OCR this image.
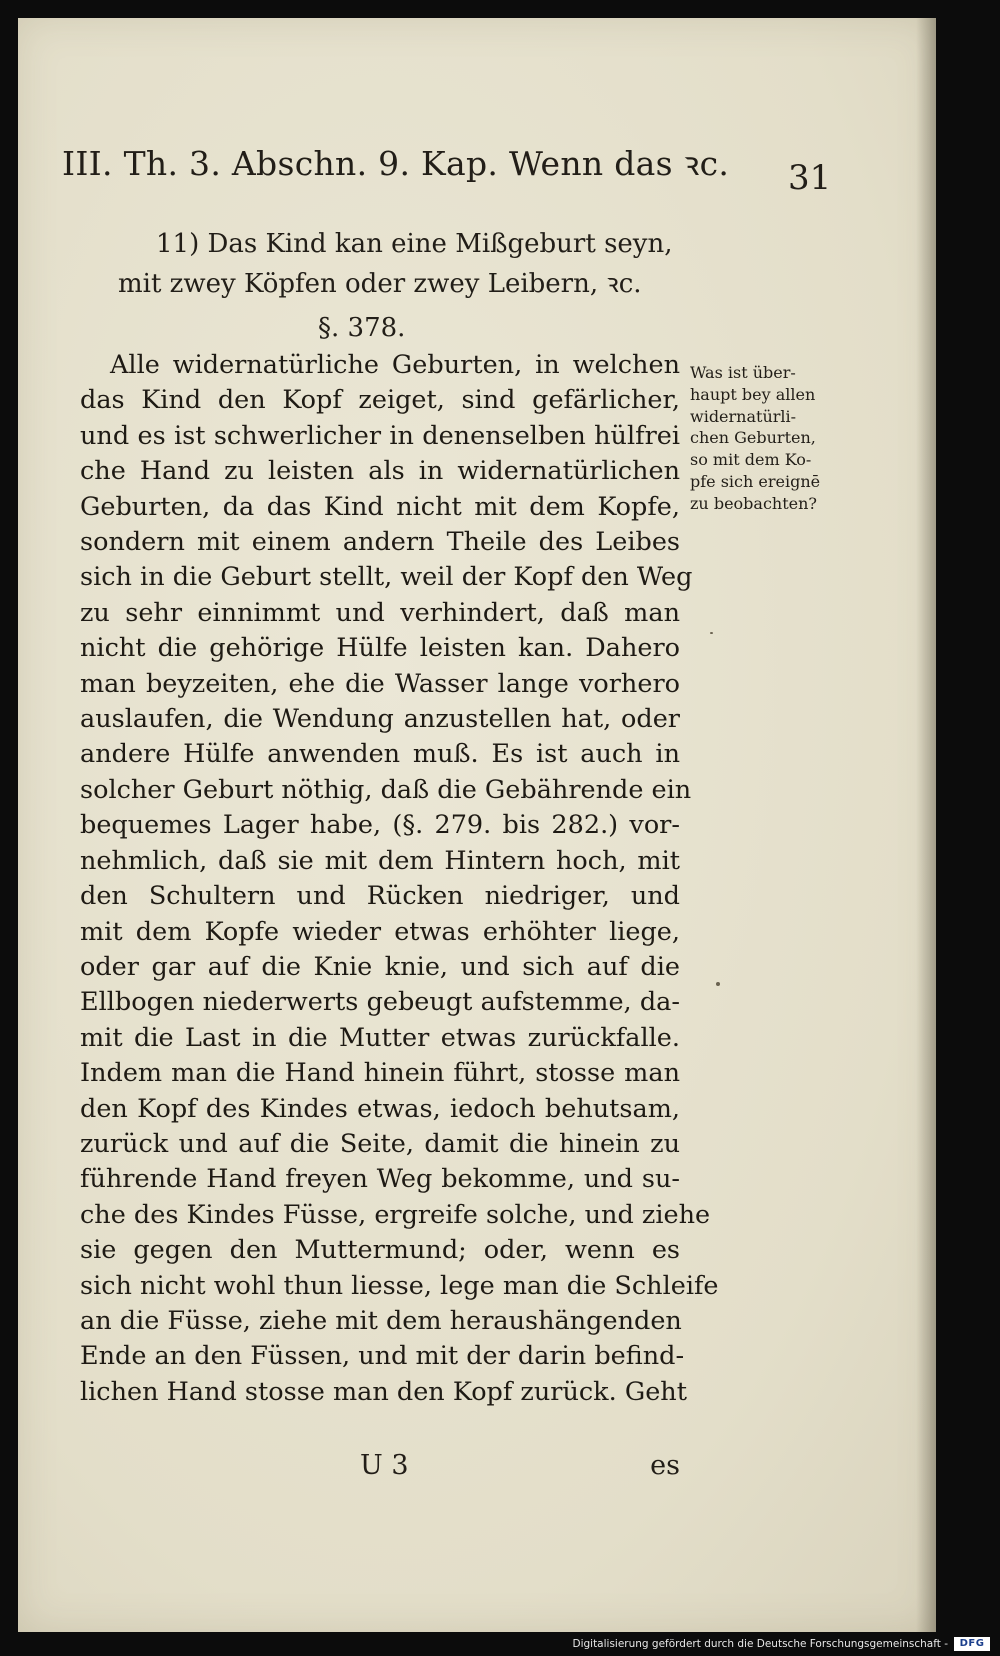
III. Th. 3. Abschn. 9. Kap. Wenn das ꝛc. 31
11) Das Kind kan eine Mißgeburt seyn,
mit zwey Köpfen oder zwey Leibern, ꝛc.
§. 378.
Alle widernatürliche Geburten, in welchen
das Kind den Kopf zeiget, sind gefärlicher,
und es ist schwerlicher in denenselben hülfrei
che Hand zu leisten als in widernatürlichen
Geburten, da das Kind nicht mit dem Kopfe,
sondern mit einem andern Theile des Leibes
sich in die Geburt stellt, weil der Kopf den Weg
zu sehr einnimmt und verhindert, daß man
nicht die gehörige Hülfe leisten kan. Dahero
man beyzeiten, ehe die Wasser lange vorhero
auslaufen, die Wendung anzustellen hat, oder
andere Hülfe anwenden muß. Es ist auch in
solcher Geburt nöthig, daß die Gebährende ein
bequemes Lager habe, (§. 279. bis 282.) vor-
nehmlich, daß sie mit dem Hintern hoch, mit
den Schultern und Rücken niedriger, und
mit dem Kopfe wieder etwas erhöhter liege,
oder gar auf die Knie knie, und sich auf die
Ellbogen niederwerts gebeugt aufstemme, da-
mit die Last in die Mutter etwas zurückfalle.
Indem man die Hand hinein führt, stosse man
den Kopf des Kindes etwas, iedoch behutsam,
zurück und auf die Seite, damit die hinein zu
führende Hand freyen Weg bekomme, und su-
che des Kindes Füsse, ergreife solche, und ziehe
sie gegen den Muttermund; oder, wenn es
sich nicht wohl thun liesse, lege man die Schleife
an die Füsse, ziehe mit dem heraushängenden
Ende an den Füssen, und mit der darin befind-
lichen Hand stosse man den Kopf zurück. Geht
Was ist über-
haupt bey allen
widernatürli-
chen Geburten,
so mit dem Ko-
pfe sich ereignē
zu beobachten?
U 3	es
Digitalisierung gefördert durch die Deutsche Forschungsgemeinschaft -	DFG
